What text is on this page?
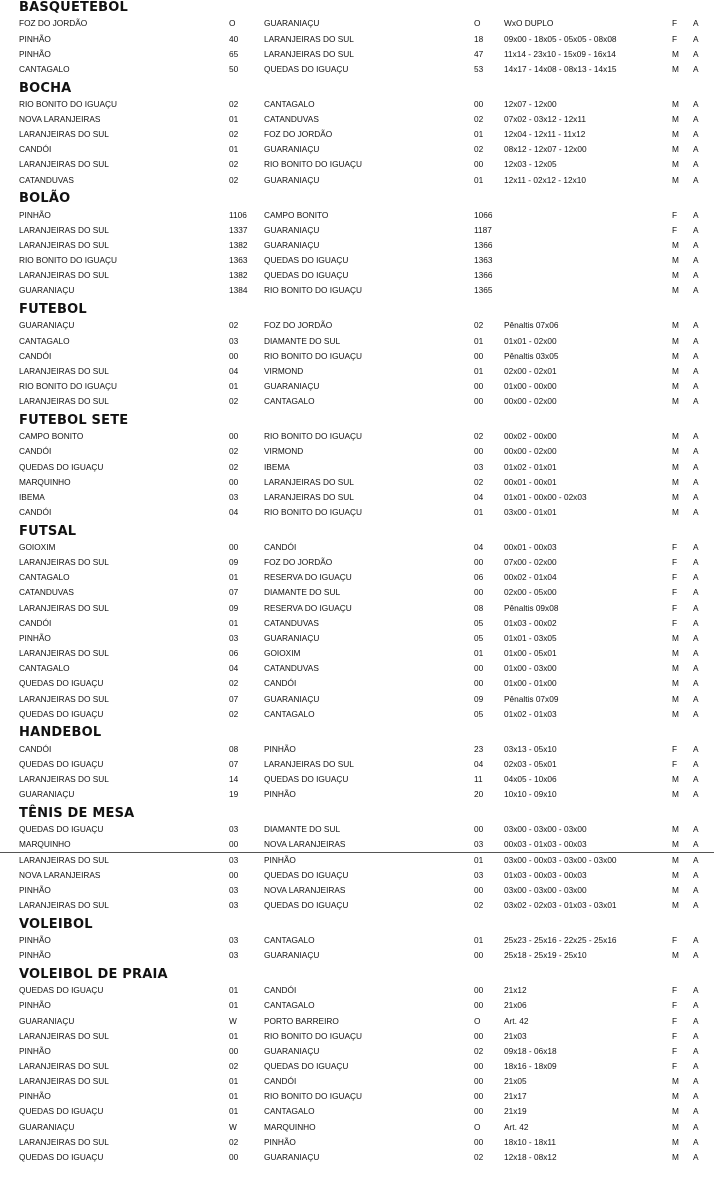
BASQUETEBOL
FOZ DO JORDÃO	O	GUARANIAÇU	O	WxO DUPLO	F A
PINHÃO	40	LARANJEIRAS DO SUL	18	09x00 - 18x05 - 05x05 - 08x08	F A
PINHÃO	65	LARANJEIRAS DO SUL	47	11x14 - 23x10 - 15x09 - 16x14	M A
CANTAGALO	50	QUEDAS DO IGUAÇU	53	14x17 - 14x08 - 08x13 - 14x15	M A
BOCHA
RIO BONITO DO IGUAÇU	02	CANTAGALO	00	12x07 - 12x00	M A
NOVA LARANJEIRAS	01	CATANDUVAS	02	07x02 - 03x12 - 12x11	M A
LARANJEIRAS DO SUL	02	FOZ DO JORDÃO	01	12x04 - 12x11 - 11x12	M A
CANDÓI	01	GUARANIAÇU	02	08x12 - 12x07 - 12x00	M A
LARANJEIRAS DO SUL	02	RIO BONITO DO IGUAÇU	00	12x03 - 12x05	M A
CATANDUVAS	02	GUARANIAÇU	01	12x11 - 02x12 - 12x10	M A
BOLÃO
PINHÃO	1106 CAMPO BONITO	1066	F A
LARANJEIRAS DO SUL	1337 GUARANIAÇU	1187	F A
LARANJEIRAS DO SUL	1382 GUARANIAÇU	1366	M A
RIO BONITO DO IGUAÇU	1363 QUEDAS DO IGUAÇU	1363	M A
LARANJEIRAS DO SUL	1382 QUEDAS DO IGUAÇU	1366	M A
GUARANIAÇU	1384 RIO BONITO DO IGUAÇU	1365	M A
FUTEBOL
GUARANIAÇU	02	FOZ DO JORDÃO	02	Pênaltis 07x06	M A
CANTAGALO	03	DIAMANTE DO SUL	01	01x01 - 02x00	M A
CANDÓI	00	RIO BONITO DO IGUAÇU	00	Pênaltis 03x05	M A
LARANJEIRAS DO SUL	04	VIRMOND	01	02x00 - 02x01	M A
RIO BONITO DO IGUAÇU	01	GUARANIAÇU	00	01x00 - 00x00	M A
LARANJEIRAS DO SUL	02	CANTAGALO	00	00x00 - 02x00	M A
FUTEBOL SETE
CAMPO BONITO	00	RIO BONITO DO IGUAÇU	02	00x02 - 00x00	M A
CANDÓI	02	VIRMOND	00	00x00 - 02x00	M A
QUEDAS DO IGUAÇU	02	IBEMA	03	01x02 - 01x01	M A
MARQUINHO	00	LARANJEIRAS DO SUL	02	00x01 - 00x01	M A
IBEMA	03	LARANJEIRAS DO SUL	04	01x01 - 00x00 - 02x03	M A
CANDÓI	04	RIO BONITO DO IGUAÇU	01	03x00 - 01x01	M A
FUTSAL
GOIOXIM	00	CANDÓI	04	00x01 - 00x03	F A
LARANJEIRAS DO SUL	09	FOZ DO JORDÃO	00	07x00 - 02x00	F A
CANTAGALO	01	RESERVA DO IGUAÇU	06	00x02 - 01x04	F A
CATANDUVAS	07	DIAMANTE DO SUL	00	02x00 - 05x00	F A
LARANJEIRAS DO SUL	09	RESERVA DO IGUAÇU	08	Pênaltis 09x08	F A
CANDÓI	01	CATANDUVAS	05	01x03 - 00x02	F A
PINHÃO	03	GUARANIAÇU	05	01x01 - 03x05	M A
LARANJEIRAS DO SUL	06	GOIOXIM	01	01x00 - 05x01	M A
CANTAGALO	04	CATANDUVAS	00	01x00 - 03x00	M A
QUEDAS DO IGUAÇU	02	CANDÓI	00	01x00 - 01x00	M A
LARANJEIRAS DO SUL	07	GUARANIAÇU	09	Pênaltis 07x09	M A
QUEDAS DO IGUAÇU	02	CANTAGALO	05	01x02 - 01x03	M A
HANDEBOL
CANDÓI	08	PINHÃO	23	03x13 - 05x10	F A
QUEDAS DO IGUAÇU	07	LARANJEIRAS DO SUL	04	02x03 - 05x01	F A
LARANJEIRAS DO SUL	14	QUEDAS DO IGUAÇU	11	04x05 - 10x06	M A
GUARANIAÇU	19	PINHÃO	20	10x10 - 09x10	M A
TÊNIS DE MESA
QUEDAS DO IGUAÇU	03	DIAMANTE DO SUL	00	03x00 - 03x00 - 03x00	M A
MARQUINHO	00	NOVA LARANJEIRAS	03	00x03 - 01x03 - 00x03	M A
LARANJEIRAS DO SUL	03	PINHÃO	01	03x00 - 00x03 - 03x00 - 03x00	M A
NOVA LARANJEIRAS	00	QUEDAS DO IGUAÇU	03	01x03 - 00x03 - 00x03	M A
PINHÃO	03	NOVA LARANJEIRAS	00	03x00 - 03x00 - 03x00	M A
LARANJEIRAS DO SUL	03	QUEDAS DO IGUAÇU	02	03x02 - 02x03 - 01x03 - 03x01	M A
VOLEIBOL
PINHÃO	03	CANTAGALO	01	25x23 - 25x16 - 22x25 - 25x16	F A
PINHÃO	03	GUARANIAÇU	00	25x18 - 25x19 - 25x10	M A
VOLEIBOL DE PRAIA
QUEDAS DO IGUAÇU	01	CANDÓI	00	21x12	F A
PINHÃO	01	CANTAGALO	00	21x06	F A
GUARANIAÇU	W	PORTO BARREIRO	O	Art. 42	F A
LARANJEIRAS DO SUL	01	RIO BONITO DO IGUAÇU	00	21x03	F A
PINHÃO	00	GUARANIAÇU	02	09x18 - 06x18	F A
LARANJEIRAS DO SUL	02	QUEDAS DO IGUAÇU	00	18x16 - 18x09	F A
LARANJEIRAS DO SUL	01	CANDÓI	00	21x05	M A
PINHÃO	01	RIO BONITO DO IGUAÇU	00	21x17	M A
QUEDAS DO IGUAÇU	01	CANTAGALO	00	21x19	M A
GUARANIAÇU	W	MARQUINHO	O	Art. 42	M A
LARANJEIRAS DO SUL	02	PINHÃO	00	18x10 - 18x11	M A
QUEDAS DO IGUAÇU	00	GUARANIAÇU	02	12x18 - 08x12	M A
